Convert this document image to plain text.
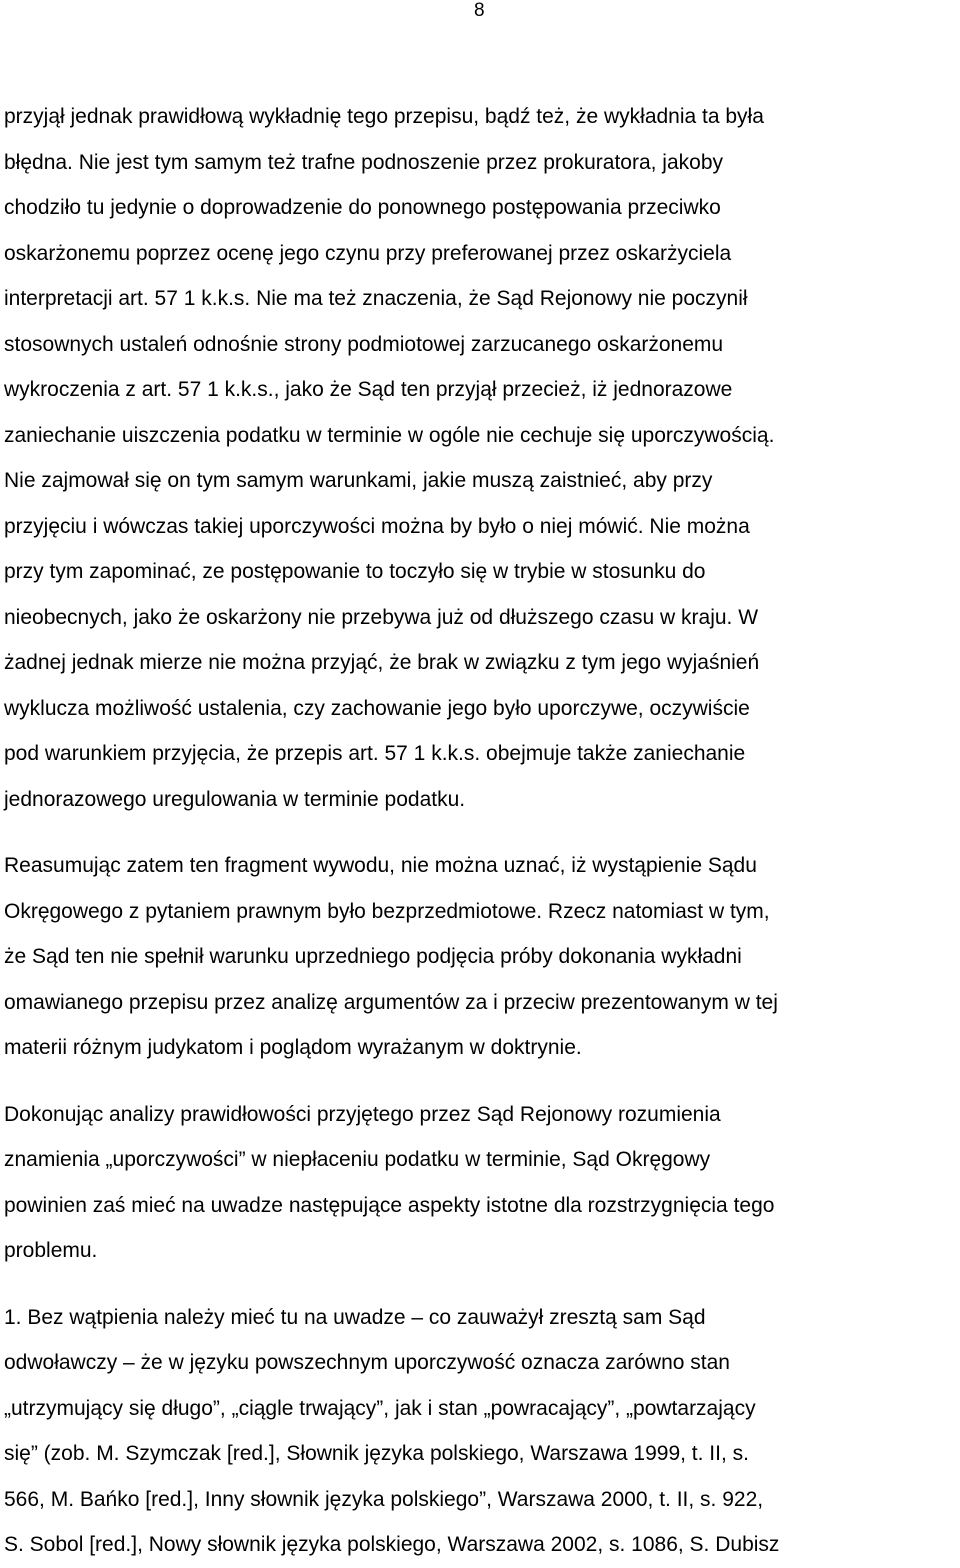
8
przyjął jednak prawidłową wykładnię tego przepisu, bądź też, że wykładnia ta była
błędna. Nie jest tym samym też trafne podnoszenie przez prokuratora, jakoby
chodziło tu jedynie o doprowadzenie do ponownego postępowania przeciwko
oskarżonemu poprzez ocenę jego czynu przy preferowanej przez oskarżyciela
interpretacji art. 57 1 k.k.s. Nie ma też znaczenia, że Sąd Rejonowy nie poczynił
stosownych ustaleń odnośnie strony podmiotowej zarzucanego oskarżonemu
wykroczenia z art. 57 1 k.k.s., jako że Sąd ten przyjął przecież, iż jednorazowe
zaniechanie uiszczenia podatku w terminie w ogóle nie cechuje się uporczywością.
Nie zajmował się on tym samym warunkami, jakie muszą zaistnieć, aby przy
przyjęciu i wówczas takiej uporczywości można by było o niej mówić. Nie można
przy tym zapominać, ze postępowanie to toczyło się w trybie w stosunku do
nieobecnych, jako że oskarżony nie przebywa już od dłuższego czasu w kraju. W
żadnej jednak mierze nie można przyjąć, że brak w związku z tym jego wyjaśnień
wyklucza możliwość ustalenia, czy zachowanie jego było uporczywe, oczywiście
pod warunkiem przyjęcia, że przepis art. 57 1 k.k.s. obejmuje także zaniechanie
jednorazowego uregulowania w terminie podatku.
Reasumując zatem ten fragment wywodu, nie można uznać, iż wystąpienie Sądu
Okręgowego z pytaniem prawnym było bezprzedmiotowe. Rzecz natomiast w tym,
że Sąd ten nie spełnił warunku uprzedniego podjęcia próby dokonania wykładni
omawianego przepisu przez analizę argumentów za i przeciw prezentowanym w tej
materii różnym judykatom i poglądom wyrażanym w doktrynie.
Dokonując analizy prawidłowości przyjętego przez Sąd Rejonowy rozumienia
znamienia „uporczywości” w niepłaceniu podatku w terminie, Sąd Okręgowy
powinien zaś mieć na uwadze następujące aspekty istotne dla rozstrzygnięcia tego
problemu.
1. Bez wątpienia należy mieć tu na uwadze – co zauważył zresztą sam Sąd
odwoławczy – że w języku powszechnym uporczywość oznacza zarówno stan
„utrzymujący się długo”, „ciągle trwający”, jak i stan „powracający”, „powtarzający
się” (zob. M. Szymczak [red.], Słownik języka polskiego, Warszawa 1999, t. II, s.
566, M. Bańko [red.], Inny słownik języka polskiego”, Warszawa 2000, t. II, s. 922,
S. Sobol [red.], Nowy słownik języka polskiego, Warszawa 2002, s. 1086, S. Dubisz
